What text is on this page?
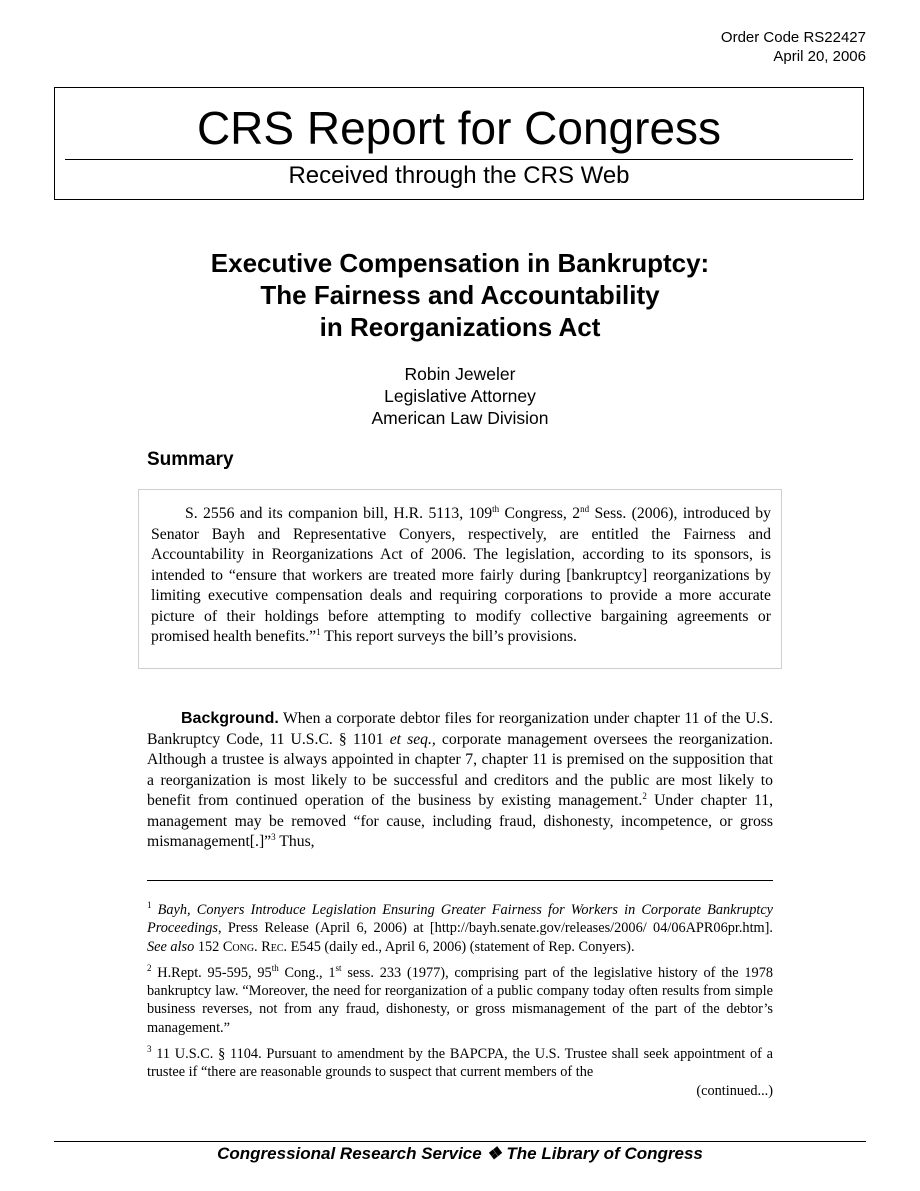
Order Code RS22427
April 20, 2006
CRS Report for Congress
Received through the CRS Web
Executive Compensation in Bankruptcy:
The Fairness and Accountability
in Reorganizations Act
Robin Jeweler
Legislative Attorney
American Law Division
Summary

S. 2556 and its companion bill, H.R. 5113, 109th Congress, 2nd Sess. (2006), introduced by Senator Bayh and Representative Conyers, respectively, are entitled the Fairness and Accountability in Reorganizations Act of 2006. The legislation, according to its sponsors, is intended to “ensure that workers are treated more fairly during [bankruptcy] reorganizations by limiting executive compensation deals and requiring corporations to provide a more accurate picture of their holdings before attempting to modify collective bargaining agreements or promised health benefits.”$^1$ This report surveys the bill’s provisions.

Background. When a corporate debtor files for reorganization under chapter 11 of the U.S. Bankruptcy Code, 11 U.S.C. § 1101 et seq., corporate management oversees the reorganization. Although a trustee is always appointed in chapter 7, chapter 11 is premised on the supposition that a reorganization is most likely to be successful and creditors and the public are most likely to benefit from continued operation of the business by existing management.$^2$ Under chapter 11, management may be removed “for cause, including fraud, dishonesty, incompetence, or gross mismanagement[.]”$^3$ Thus,

$^1$ Bayh, Conyers Introduce Legislation Ensuring Greater Fairness for Workers in Corporate Bankruptcy Proceedings, Press Release (April 6, 2006) at [http://bayh.senate.gov/releases/2006/ 04/06APR06pr.htm]. See also 152 Cong. Rec. E545 (daily ed., April 6, 2006) (statement of Rep. Conyers).

$^2$ H.Rept. 95-595, 95th Cong., 1st sess. 233 (1977), comprising part of the legislative history of the 1978 bankruptcy law. “Moreover, the need for reorganization of a public company today often results from simple business reverses, not from any fraud, dishonesty, or gross mismanagement of the part of the debtor’s management.”

$^3$ 11 U.S.C. § 1104. Pursuant to amendment by the BAPCPA, the U.S. Trustee shall seek appointment of a trustee if “there are reasonable grounds to suspect that current members of the
(continued...)

Congressional Research Service ❖ The Library of Congress
